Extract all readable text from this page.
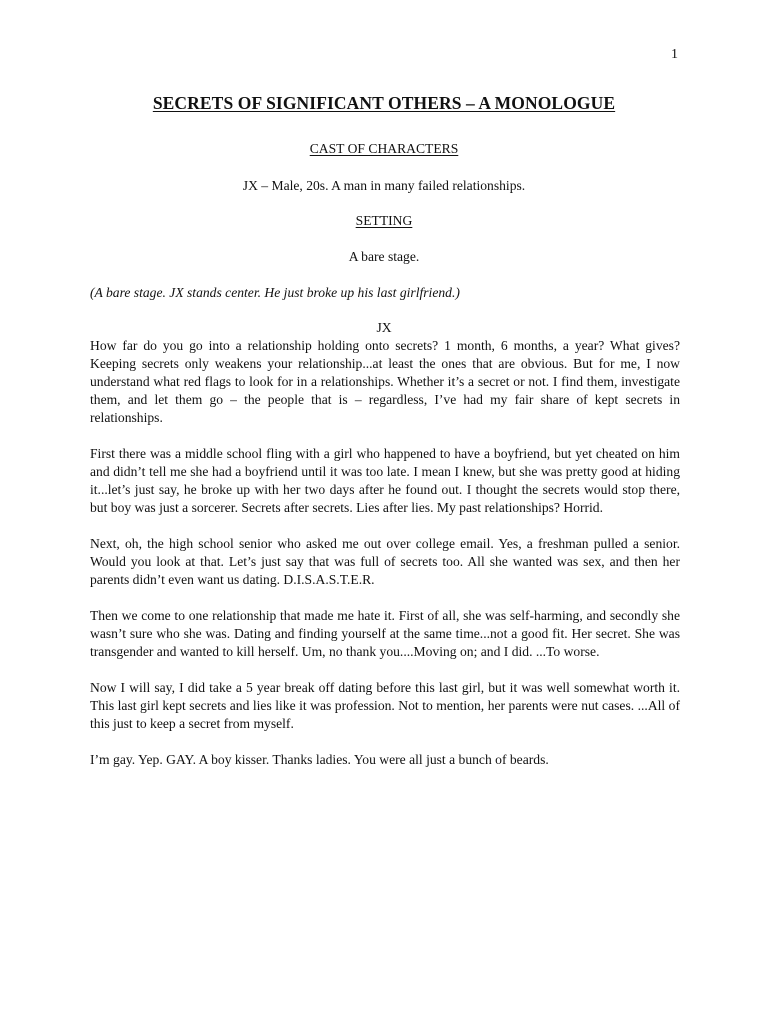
1
SECRETS OF SIGNIFICANT OTHERS – A MONOLOGUE
CAST OF CHARACTERS
JX – Male, 20s. A man in many failed relationships.
SETTING
A bare stage.
(A bare stage. JX stands center. He just broke up his last girlfriend.)
JX

How far do you go into a relationship holding onto secrets? 1 month, 6 months, a year? What gives? Keeping secrets only weakens your relationship...at least the ones that are obvious. But for me, I now understand what red flags to look for in a relationships. Whether it’s a secret or not. I find them, investigate them, and let them go – the people that is – regardless, I’ve had my fair share of kept secrets in relationships.

First there was a middle school fling with a girl who happened to have a boyfriend, but yet cheated on him and didn’t tell me she had a boyfriend until it was too late. I mean I knew, but she was pretty good at hiding it...let’s just say, he broke up with her two days after he found out. I thought the secrets would stop there, but boy was just a sorcerer. Secrets after secrets. Lies after lies. My past relationships? Horrid.

Next, oh, the high school senior who asked me out over college email. Yes, a freshman pulled a senior. Would you look at that. Let’s just say that was full of secrets too. All she wanted was sex, and then her parents didn’t even want us dating. D.I.S.A.S.T.E.R.

Then we come to one relationship that made me hate it. First of all, she was self-harming, and secondly she wasn’t sure who she was. Dating and finding yourself at the same time...not a good fit. Her secret. She was transgender and wanted to kill herself. Um, no thank you....Moving on; and I did. ...To worse.

Now I will say, I did take a 5 year break off dating before this last girl, but it was well somewhat worth it. This last girl kept secrets and lies like it was profession. Not to mention, her parents were nut cases. ...All of this just to keep a secret from myself.

I’m gay. Yep. GAY. A boy kisser. Thanks ladies. You were all just a bunch of beards.
